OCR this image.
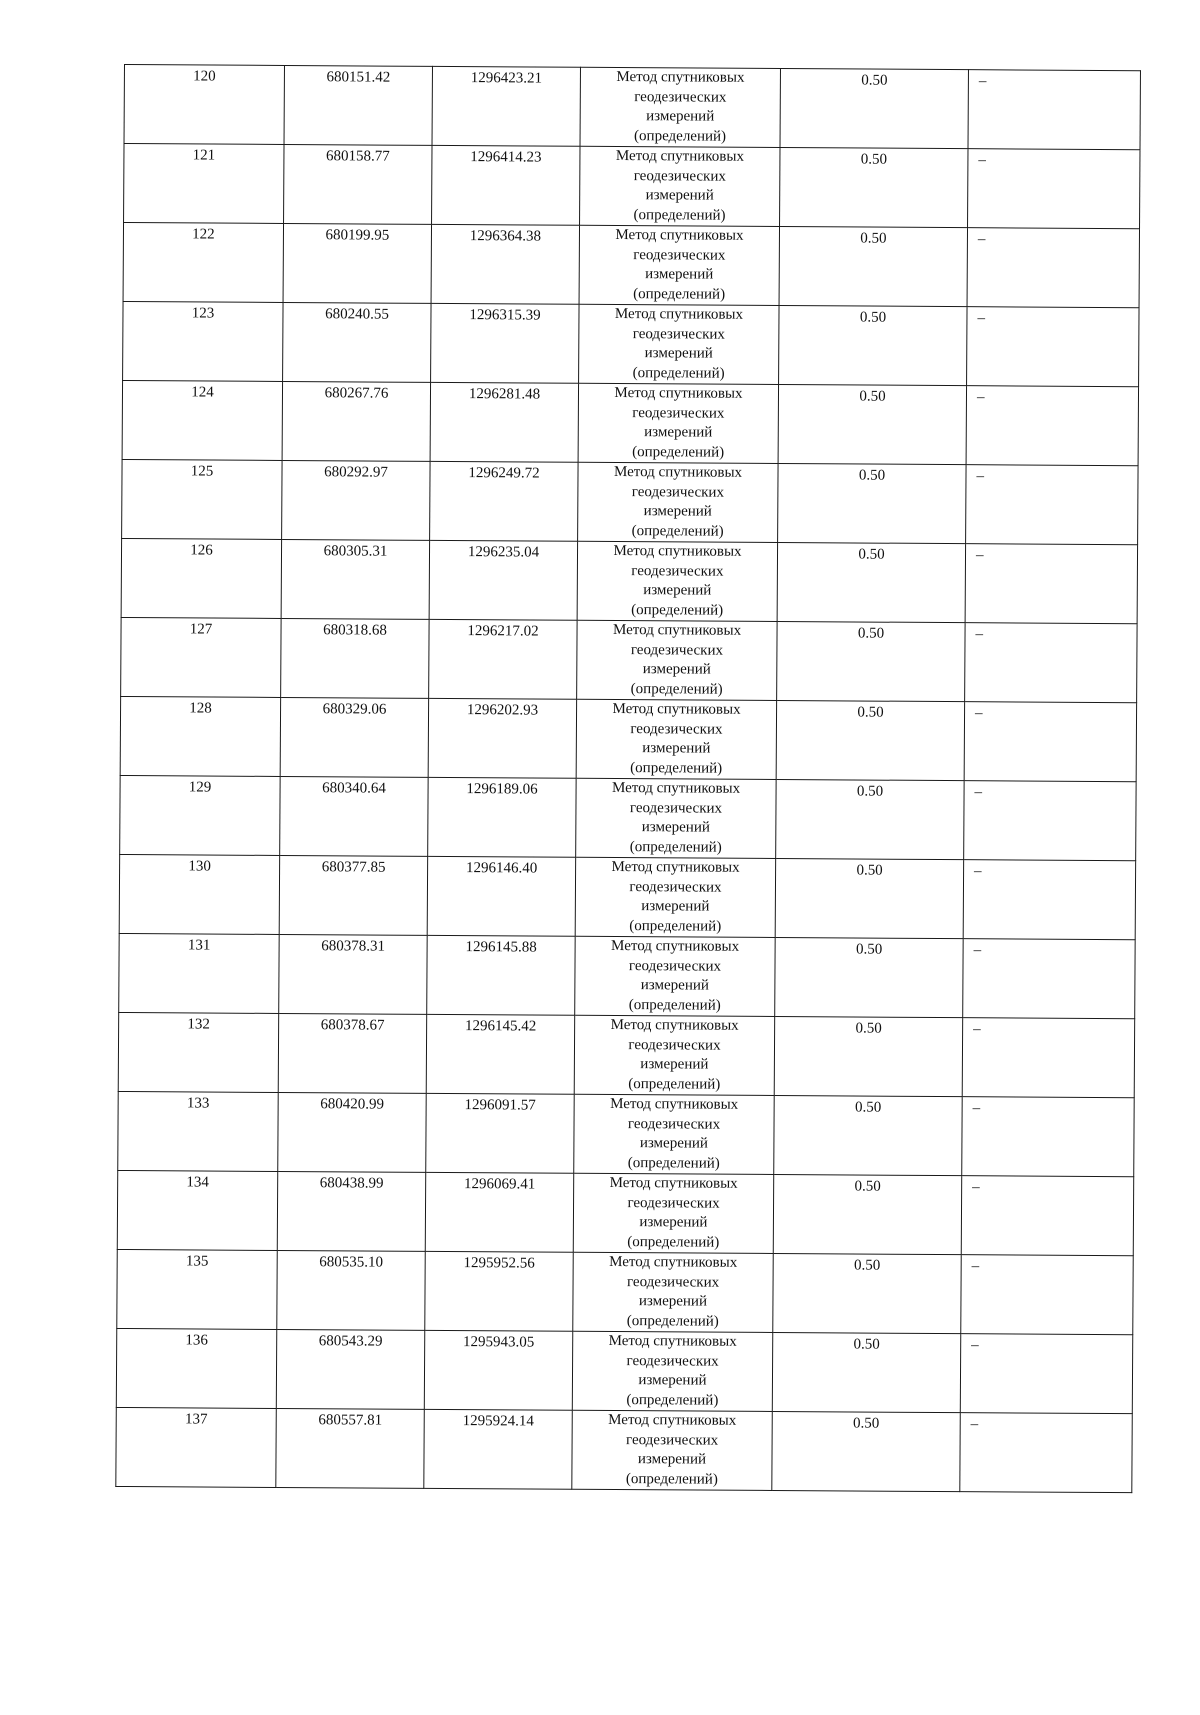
120	680151.42	1296423.21	Метод спутниковых
геодезических
измерений
(определений)	0.50	–
121	680158.77	1296414.23	Метод спутниковых
геодезических
измерений
(определений)	0.50	–
122	680199.95	1296364.38	Метод спутниковых
геодезических
измерений
(определений)	0.50	–
123	680240.55	1296315.39	Метод спутниковых
геодезических
измерений
(определений)	0.50	–
124	680267.76	1296281.48	Метод спутниковых
геодезических
измерений
(определений)	0.50	–
125	680292.97	1296249.72	Метод спутниковых
геодезических
измерений
(определений)	0.50	–
126	680305.31	1296235.04	Метод спутниковых
геодезических
измерений
(определений)	0.50	–
127	680318.68	1296217.02	Метод спутниковых
геодезических
измерений
(определений)	0.50	–
128	680329.06	1296202.93	Метод спутниковых
геодезических
измерений
(определений)	0.50	–
129	680340.64	1296189.06	Метод спутниковых
геодезических
измерений
(определений)	0.50	–
130	680377.85	1296146.40	Метод спутниковых
геодезических
измерений
(определений)	0.50	–
131	680378.31	1296145.88	Метод спутниковых
геодезических
измерений
(определений)	0.50	–
132	680378.67	1296145.42	Метод спутниковых
геодезических
измерений
(определений)	0.50	–
133	680420.99	1296091.57	Метод спутниковых
геодезических
измерений
(определений)	0.50	–
134	680438.99	1296069.41	Метод спутниковых
геодезических
измерений
(определений)	0.50	–
135	680535.10	1295952.56	Метод спутниковых
геодезических
измерений
(определений)	0.50	–
136	680543.29	1295943.05	Метод спутниковых
геодезических
измерений
(определений)	0.50	–
137	680557.81	1295924.14	Метод спутниковых
геодезических
измерений
(определений)	0.50	–
